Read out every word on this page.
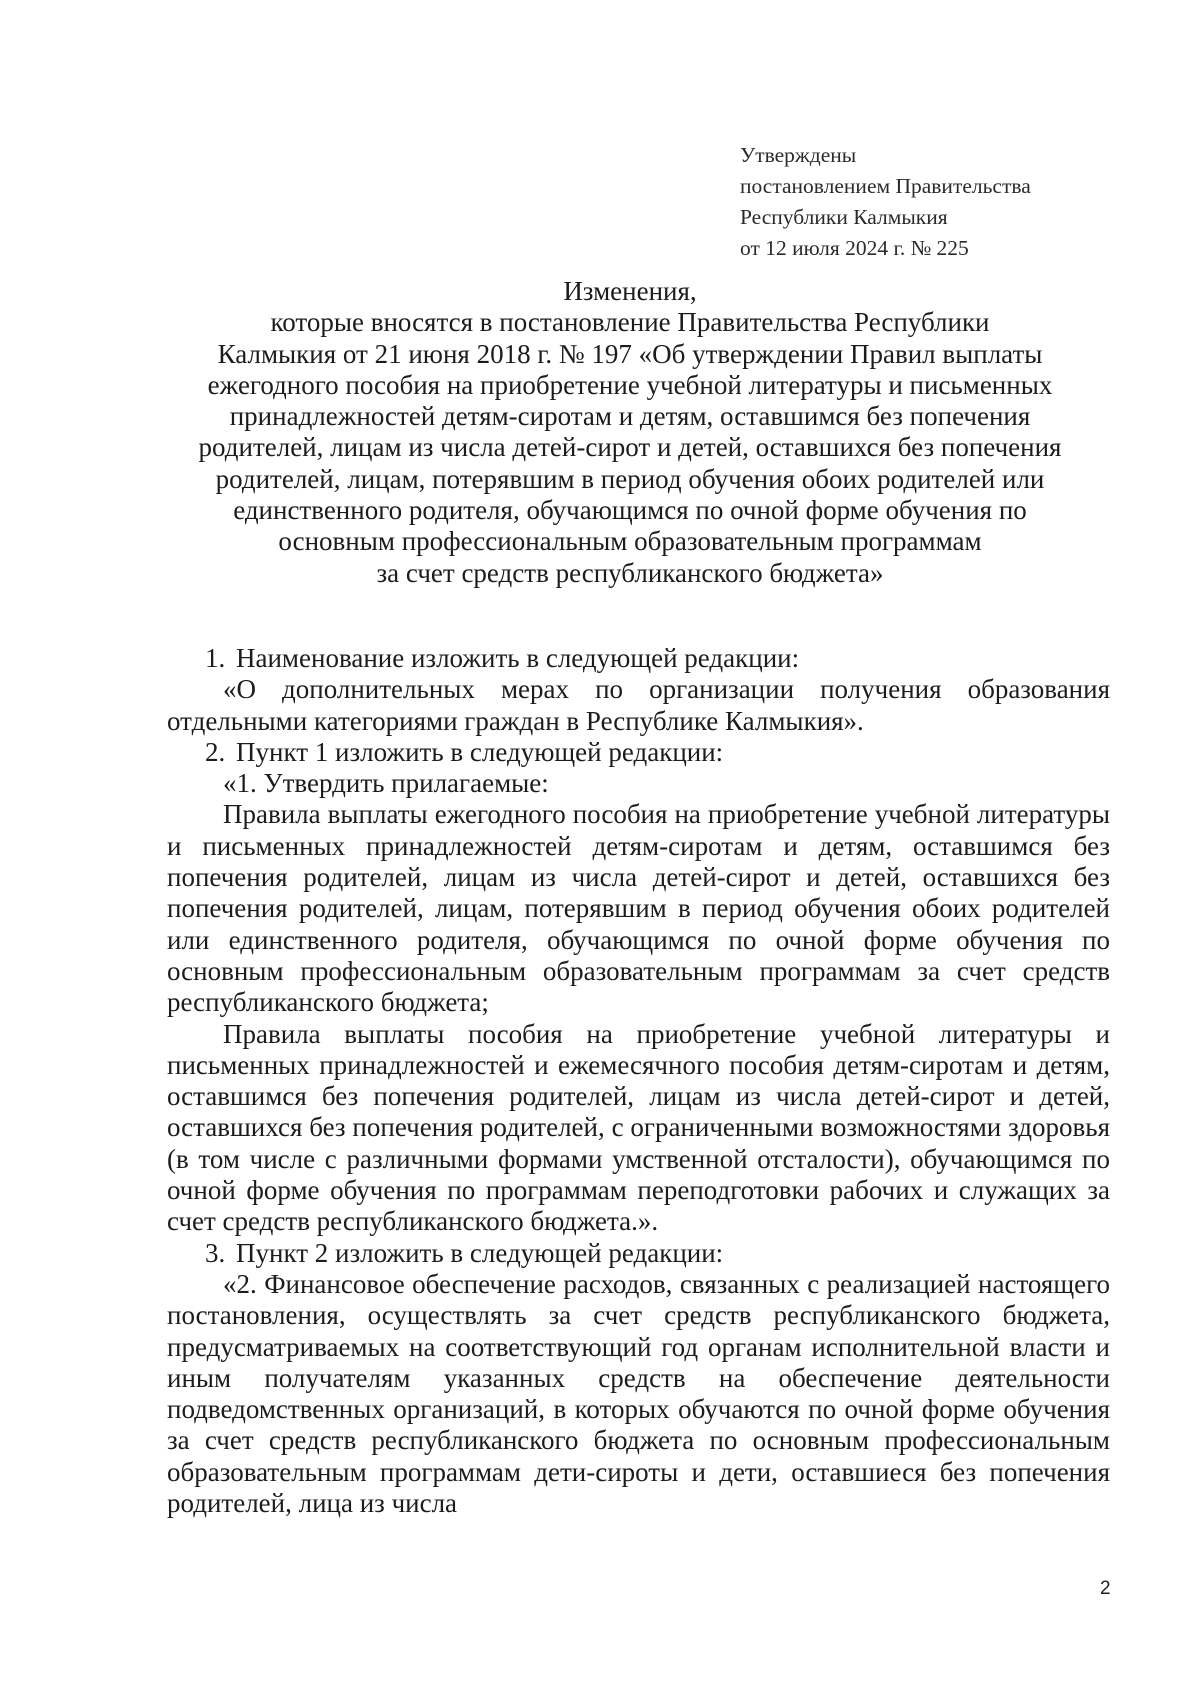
Утверждены
постановлением Правительства
Республики Калмыкия
от 12 июля 2024 г. № 225
Изменения,
которые вносятся в постановление Правительства Республики
Калмыкия от 21 июня 2018 г. № 197 «Об утверждении Правил выплаты
ежегодного пособия на приобретение учебной литературы и письменных
принадлежностей детям-сиротам и детям, оставшимся без попечения
родителей, лицам из числа детей-сирот и детей, оставшихся без попечения
родителей, лицам, потерявшим в период обучения обоих родителей или
единственного родителя, обучающимся по очной форме обучения по
основным профессиональным образовательным программам
за счет средств республиканского бюджета»

1. Наименование изложить в следующей редакции:

«О дополнительных мерах по организации получения образования отдельными категориями граждан в Республике Калмыкия».

2. Пункт 1 изложить в следующей редакции:

«1. Утвердить прилагаемые:

Правила выплаты ежегодного пособия на приобретение учебной литературы и письменных принадлежностей детям-сиротам и детям, оставшимся без попечения родителей, лицам из числа детей-сирот и детей, оставшихся без попечения родителей, лицам, потерявшим в период обучения обоих родителей или единственного родителя, обучающимся по очной форме обучения по основным профессиональным образовательным программам за счет средств республиканского бюджета;

Правила выплаты пособия на приобретение учебной литературы и письменных принадлежностей и ежемесячного пособия детям-сиротам и детям, оставшимся без попечения родителей, лицам из числа детей-сирот и детей, оставшихся без попечения родителей, с ограниченными возможностями здоровья (в том числе с различными формами умственной отсталости), обучающимся по очной форме обучения по программам переподготовки рабочих и служащих за счет средств республиканского бюджета.».

3. Пункт 2 изложить в следующей редакции:

«2. Финансовое обеспечение расходов, связанных с реализацией настоящего постановления, осуществлять за счет средств республиканского бюджета, предусматриваемых на соответствующий год органам исполнительной власти и иным получателям указанных средств на обеспечение деятельности подведомственных организаций, в которых обучаются по очной форме обучения за счет средств республиканского бюджета по основным профессиональным образовательным программам дети-сироты и дети, оставшиеся без попечения родителей, лица из числа

2
